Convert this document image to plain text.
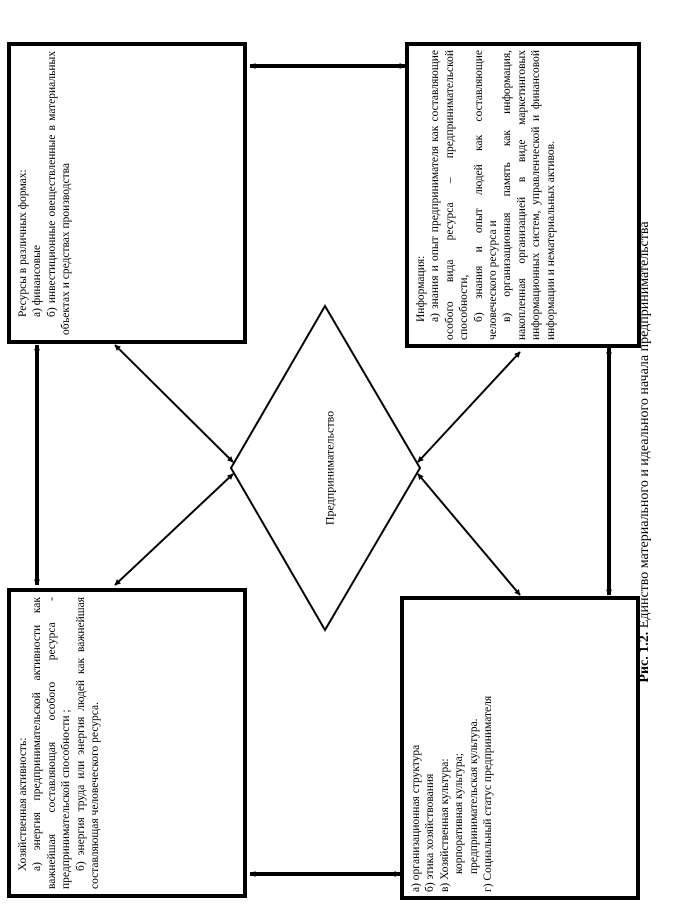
Предпринимательство

Ресурсы в различных формах: а) финансовые б) инвестиционные овеществленные в материальных объектах и средствах производства	Информация: а) знания и опыт предпринимателя как составляющие особого вида ресурса – предпринимательской способности, б) знания и опыт людей как составляющие человеческого ресурса и в) организационная память как информация, накопленная организацией в виде маркетинговых информационных систем, управленческой и финансовой информации и нематериальных активов.

Хозяйственная активность: а) энергия предпринимательской активности как важнейшая составляющая особого ресурса - предпринимательской способности ; б) энергия труда или энергия людей как важнейшая составляющая человеческого ресурса.	а) организационная структура б) этика хозяйствования в) Хозяйственная культура: корпоративная культура; предпринимательская культура. г) Социальный статус предпринимателя

Рис. 1.2. Единство материального и идеального начала предпринимательства
